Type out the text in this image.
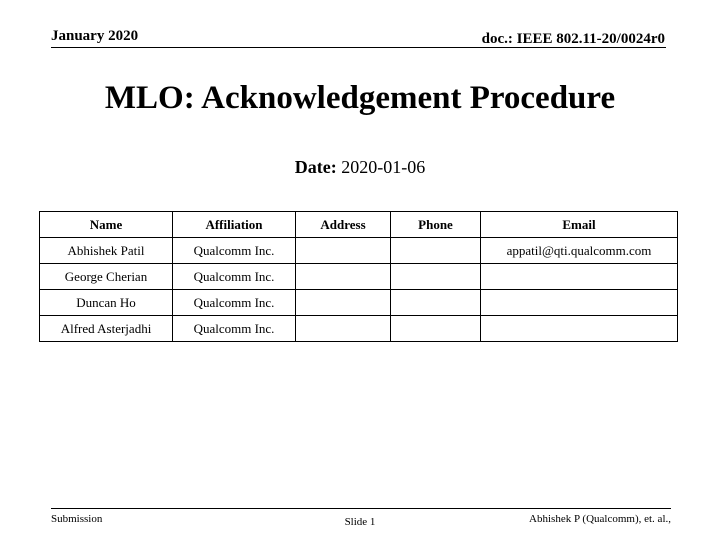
January 2020	doc.: IEEE 802.11-20/0024r0
MLO: Acknowledgement Procedure
Date: 2020-01-06
Name	Affiliation	Address	Phone	Email
Abhishek Patil	Qualcomm Inc.			appatil@qti.qualcomm.com
George Cherian	Qualcomm Inc.			
Duncan Ho	Qualcomm Inc.			
Alfred Asterjadhi	Qualcomm Inc.			
Submission	Slide 1	Abhishek P (Qualcomm), et. al.,
